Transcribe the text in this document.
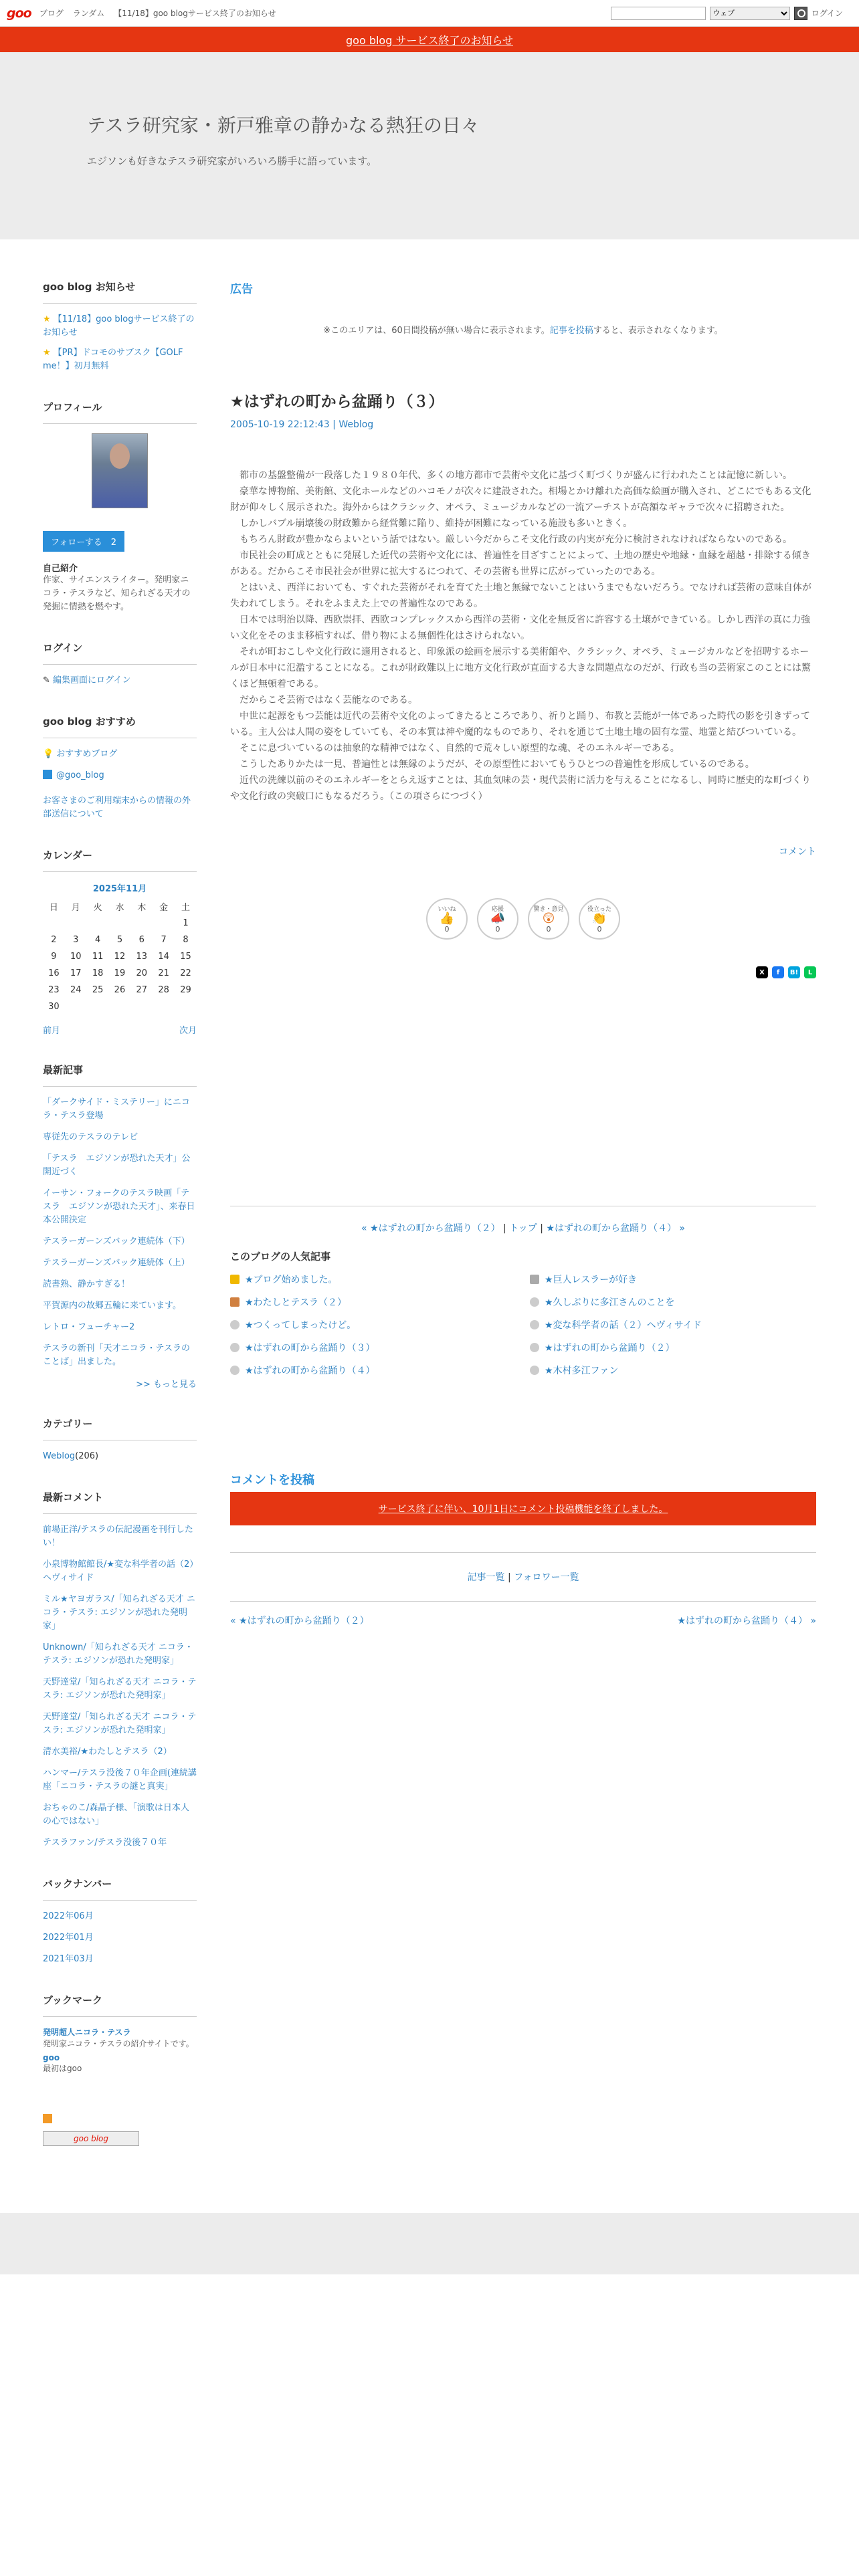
goo ブログ ランダム 【11/18】goo blogサービス終了のお知らせ
ウェブ	ログイン
goo blog サービス終了のお知らせ
テスラ研究家・新戸雅章の静かなる熱狂の日々
エジソンも好きなテスラ研究家がいろいろ勝手に語っています。
goo blog お知らせ
★ 【11/18】goo blogサービス終了のお知らせ
★ 【PR】ドコモのサブスク【GOLF me！】初月無料
プロフィール
フォローする　2
自己紹介
作家、サイエンスライター。発明家ニコラ・テスラなど、知られざる天才の発掘に情熱を燃やす。
ログイン
✎ 編集画面にログイン
goo blog おすすめ
💡 おすすめブログ
@goo_blog
お客さまのご利用端末からの情報の外部送信について
カレンダー
2025年11月
日	月	火	水	木	金	土
						1
2	3	4	5	6	7	8
9	10	11	12	13	14	15
16	17	18	19	20	21	22
23	24	25	26	27	28	29
30						
前月	次月
最新記事
「ダークサイド・ミステリー」にニコラ・テスラ登場
専従先のテスラのテレビ
「テスラ　エジソンが恐れた天才」公開近づく
イーサン・フォークのテスラ映画「テスラ　エジソンが恐れた天才」、来春日本公開決定
テスラーガーンズバック連続体（下）
テスラーガーンズバック連続体（上）
読書熟、静かすぎる！
平賀源内の故郷五輪に来ています。
レトロ・フューチャー2
テスラの新刊「天才ニコラ・テスラのことば」出ました。
>> もっと見る
カテゴリー
Weblog(206)
最新コメント
前場正洋/テスラの伝記漫画を刊行したい！
小泉博物館館長/★変な科学者の話（2）ヘヴィサイド
ミル★ヤヨガラス/「知られざる天才 ニコラ・テスラ: エジソンが恐れた発明家」
Unknown/「知られざる天才 ニコラ・テスラ: エジソンが恐れた発明家」
天野達堂/「知られざる天才 ニコラ・テスラ: エジソンが恐れた発明家」
天野達堂/「知られざる天才 ニコラ・テスラ: エジソンが恐れた発明家」
清水美裕/★わたしとテスラ（2）
ハンマー/テスラ没後７０年企画(連続講座「ニコラ・テスラの謎と真実」
おちゃのこ/森晶子様、「演歌は日本人の心ではない」
テスラファン/テスラ没後７０年
バックナンバー
2022年06月
2022年01月
2021年03月
ブックマーク
発明超人ニコラ・テスラ
発明家ニコラ・テスラの紹介サイトです。
goo
最初はgoo
goo blog
広告

※このエリアは、60日間投稿が無い場合に表示されます。記事を投稿すると、表示されなくなります。

★はずれの町から盆踊り（３）
2005-10-19 22:12:43 | Weblog

都市の基盤整備が一段落した１９８０年代、多くの地方都市で芸術や文化に基づく町づくりが盛んに行われたことは記憶に新しい。

豪華な博物館、美術館、文化ホールなどのハコモノが次々に建設された。相場とかけ離れた高価な絵画が購入され、どこにでもある文化財が仰々しく展示された。海外からはクラシック、オペラ、ミュージカルなどの一流アーチストが高額なギャラで次々に招聘された。

しかしバブル崩壊後の財政難から経営難に陥り、維持が困難になっている施設も多いときく。

もちろん財政が豊かならよいという話ではない。厳しい今だからこそ文化行政の内実が充分に検討されなければならないのである。

市民社会の町成とともに発展した近代の芸術や文化には、普遍性を目ざすことによって、土地の歴史や地縁・血縁を超越・排除する傾きがある。だからこそ市民社会が世界に拡大するにつれて、その芸術も世界に広がっていったのである。

とはいえ、西洋においても、すぐれた芸術がそれを育てた土地と無縁でないことはいうまでもないだろう。でなければ芸術の意味自体が失われてしまう。それをふまえた上での普遍性なのである。

日本では明治以降、西欧崇拝、西欧コンプレックスから西洋の芸術・文化を無反省に許容する土壌ができている。しかし西洋の真に力強い文化をそのまま移植すれば、借り物による無個性化はさけられない。

それが町おこしや文化行政に適用されると、印象派の絵画を展示する美術館や、クラシック、オペラ、ミュージカルなどを招聘するホールが日本中に氾濫することになる。これが財政難以上に地方文化行政が直面する大きな問題点なのだが、行政も当の芸術家このことには驚くほど無頓着である。

だからこそ芸術ではなく芸能なのである。

中世に起源をもつ芸能は近代の芸術や文化のよってきたるところであり、祈りと踊り、布教と芸能が一体であった時代の影を引きずっている。主人公は人間の姿をしていても、その本質は神や魔的なものであり、それを通じて土地土地の固有な霊、地霊と結びついている。

そこに息づいているのは抽象的な精神ではなく、自然的で荒々しい原型的な魂、そのエネルギーである。

こうしたありかたは一見、普遍性とは無縁のようだが、その原型性においてもうひとつの普遍性を形成しているのである。

近代の洗練以前のそのエネルギーをとらえ返すことは、其血気味の芸・現代芸術に活力を与えることになるし、同時に歴史的な町づくりや文化行政の突破口にもなるだろう。（この項さらにつづく）

コメント
いいね
👍
0
応援
📣
0
驚き・意見
😲
0
役立った
👏
0
X	f	B!	L
« ★はずれの町から盆踊り（２） | トップ | ★はずれの町から盆踊り（４） »
このブログの人気記事
★ブログ始めました。	★巨人レスラーが好き
★わたしとテスラ（２）	★久しぶりに多江さんのことを
★つくってしまったけど。	★変な科学者の話（２）ヘヴィサイド
★はずれの町から盆踊り（３）	★はずれの町から盆踊り（２）
★はずれの町から盆踊り（４）	★木村多江ファン
コメントを投稿
サービス終了に伴い、10月1日にコメント投稿機能を終了しました。
記事一覧 | フォロワー一覧
« ★はずれの町から盆踊り（２）	★はずれの町から盆踊り（４） »
